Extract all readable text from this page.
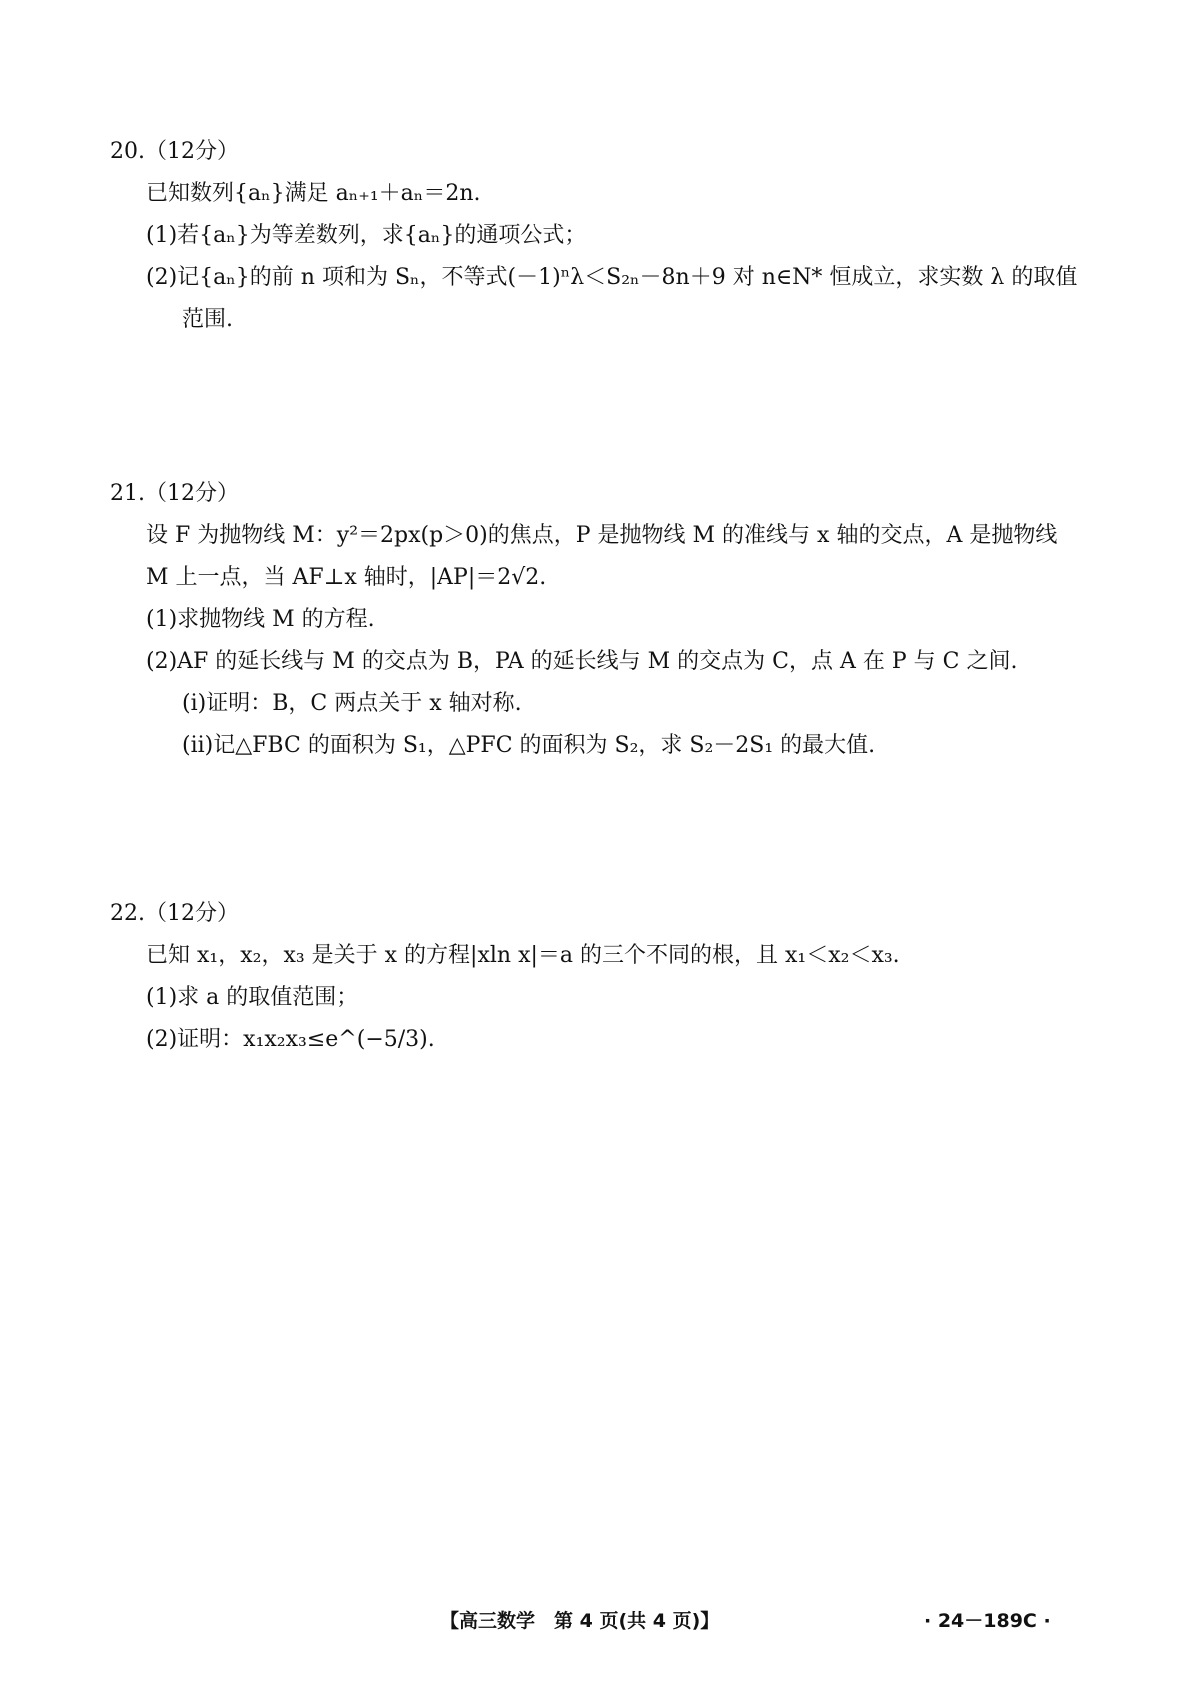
20.（12分）
已知数列{aₙ}满足 aₙ₊₁＋aₙ＝2n.
(1)若{aₙ}为等差数列，求{aₙ}的通项公式；
(2)记{aₙ}的前 n 项和为 Sₙ，不等式(－1)ⁿλ＜S₂ₙ－8n＋9 对 n∈N* 恒成立，求实数 λ 的取值
范围.
21.（12分）
设 F 为抛物线 M：y²＝2px(p＞0)的焦点，P 是抛物线 M 的准线与 x 轴的交点，A 是抛物线
M 上一点，当 AF⊥x 轴时，|AP|＝2√2.
(1)求抛物线 M 的方程.
(2)AF 的延长线与 M 的交点为 B，PA 的延长线与 M 的交点为 C，点 A 在 P 与 C 之间.
(i)证明：B，C 两点关于 x 轴对称.
(ii)记△FBC 的面积为 S₁，△PFC 的面积为 S₂，求 S₂－2S₁ 的最大值.
22.（12分）
已知 x₁，x₂，x₃ 是关于 x 的方程|xln x|＝a 的三个不同的根，且 x₁＜x₂＜x₃.
(1)求 a 的取值范围；
(2)证明：x₁x₂x₃≤e^(−5/3).
【高三数学　第 4 页(共 4 页)】	· 24－189C ·
